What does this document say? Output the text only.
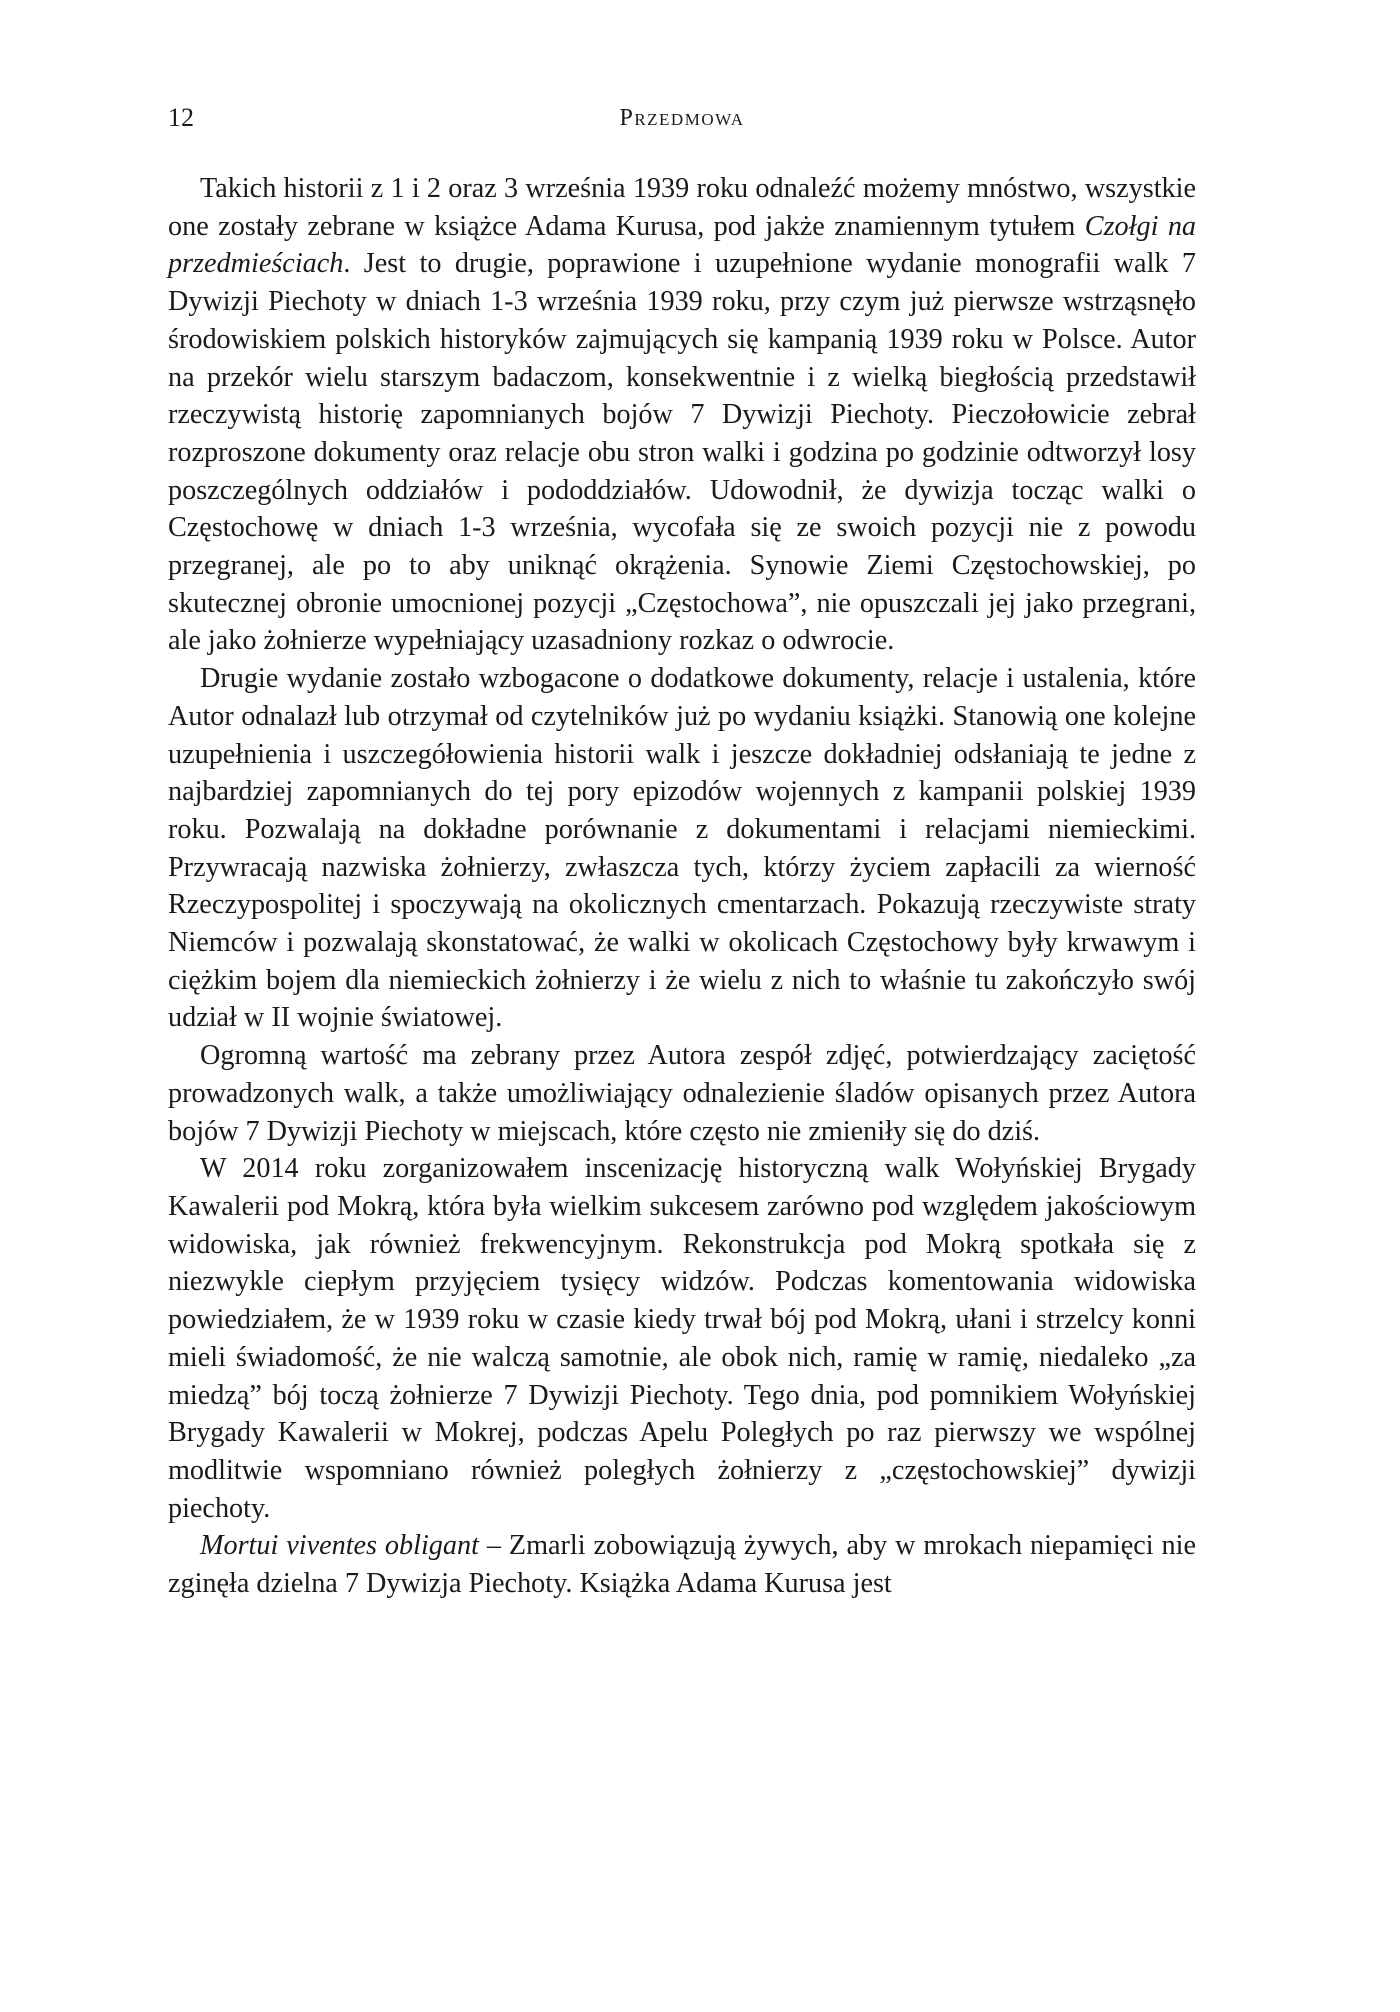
12	Przedmowa

Takich historii z 1 i 2 oraz 3 września 1939 roku odnaleźć możemy mnóstwo, wszystkie one zostały zebrane w książce Adama Kurusa, pod jakże znamiennym tytułem Czołgi na przedmieściach. Jest to drugie, poprawione i uzupełnione wydanie monografii walk 7 Dywizji Piechoty w dniach 1-3 września 1939 roku, przy czym już pierwsze wstrząsnęło środowiskiem polskich historyków zajmujących się kampanią 1939 roku w Polsce. Autor na przekór wielu starszym badaczom, konsekwentnie i z wielką biegłością przedstawił rzeczywistą historię zapomnianych bojów 7 Dywizji Piechoty. Pieczołowicie zebrał rozproszone dokumenty oraz relacje obu stron walki i godzina po godzinie odtworzył losy poszczególnych oddziałów i pododdziałów. Udowodnił, że dywizja tocząc walki o Częstochowę w dniach 1-3 września, wycofała się ze swoich pozycji nie z powodu przegranej, ale po to aby uniknąć okrążenia. Synowie Ziemi Częstochowskiej, po skutecznej obronie umocnionej pozycji „Częstochowa”, nie opuszczali jej jako przegrani, ale jako żołnierze wypełniający uzasadniony rozkaz o odwrocie.

Drugie wydanie zostało wzbogacone o dodatkowe dokumenty, relacje i ustalenia, które Autor odnalazł lub otrzymał od czytelników już po wydaniu książki. Stanowią one kolejne uzupełnienia i uszczegółowienia historii walk i jeszcze dokładniej odsłaniają te jedne z najbardziej zapomnianych do tej pory epizodów wojennych z kampanii polskiej 1939 roku. Pozwalają na dokładne porównanie z dokumentami i relacjami niemieckimi. Przywracają nazwiska żołnierzy, zwłaszcza tych, którzy życiem zapłacili za wierność Rzeczypospolitej i spoczywają na okolicznych cmentarzach. Pokazują rzeczywiste straty Niemców i pozwalają skonstatować, że walki w okolicach Częstochowy były krwawym i ciężkim bojem dla niemieckich żołnierzy i że wielu z nich to właśnie tu zakończyło swój udział w II wojnie światowej.

Ogromną wartość ma zebrany przez Autora zespół zdjęć, potwierdzający zaciętość prowadzonych walk, a także umożliwiający odnalezienie śladów opisanych przez Autora bojów 7 Dywizji Piechoty w miejscach, które często nie zmieniły się do dziś.

W 2014 roku zorganizowałem inscenizację historyczną walk Wołyńskiej Brygady Kawalerii pod Mokrą, która była wielkim sukcesem zarówno pod względem jakościowym widowiska, jak również frekwencyjnym. Rekonstrukcja pod Mokrą spotkała się z niezwykle ciepłym przyjęciem tysięcy widzów. Podczas komentowania widowiska powiedziałem, że w 1939 roku w czasie kiedy trwał bój pod Mokrą, ułani i strzelcy konni mieli świadomość, że nie walczą samotnie, ale obok nich, ramię w ramię, niedaleko „za miedzą” bój toczą żołnierze 7 Dywizji Piechoty. Tego dnia, pod pomnikiem Wołyńskiej Brygady Kawalerii w Mokrej, podczas Apelu Poległych po raz pierwszy we wspólnej modlitwie wspomniano również poległych żołnierzy z „częstochowskiej” dywizji piechoty.

Mortui viventes obligant – Zmarli zobowiązują żywych, aby w mrokach niepamięci nie zginęła dzielna 7 Dywizja Piechoty. Książka Adama Kurusa jest
